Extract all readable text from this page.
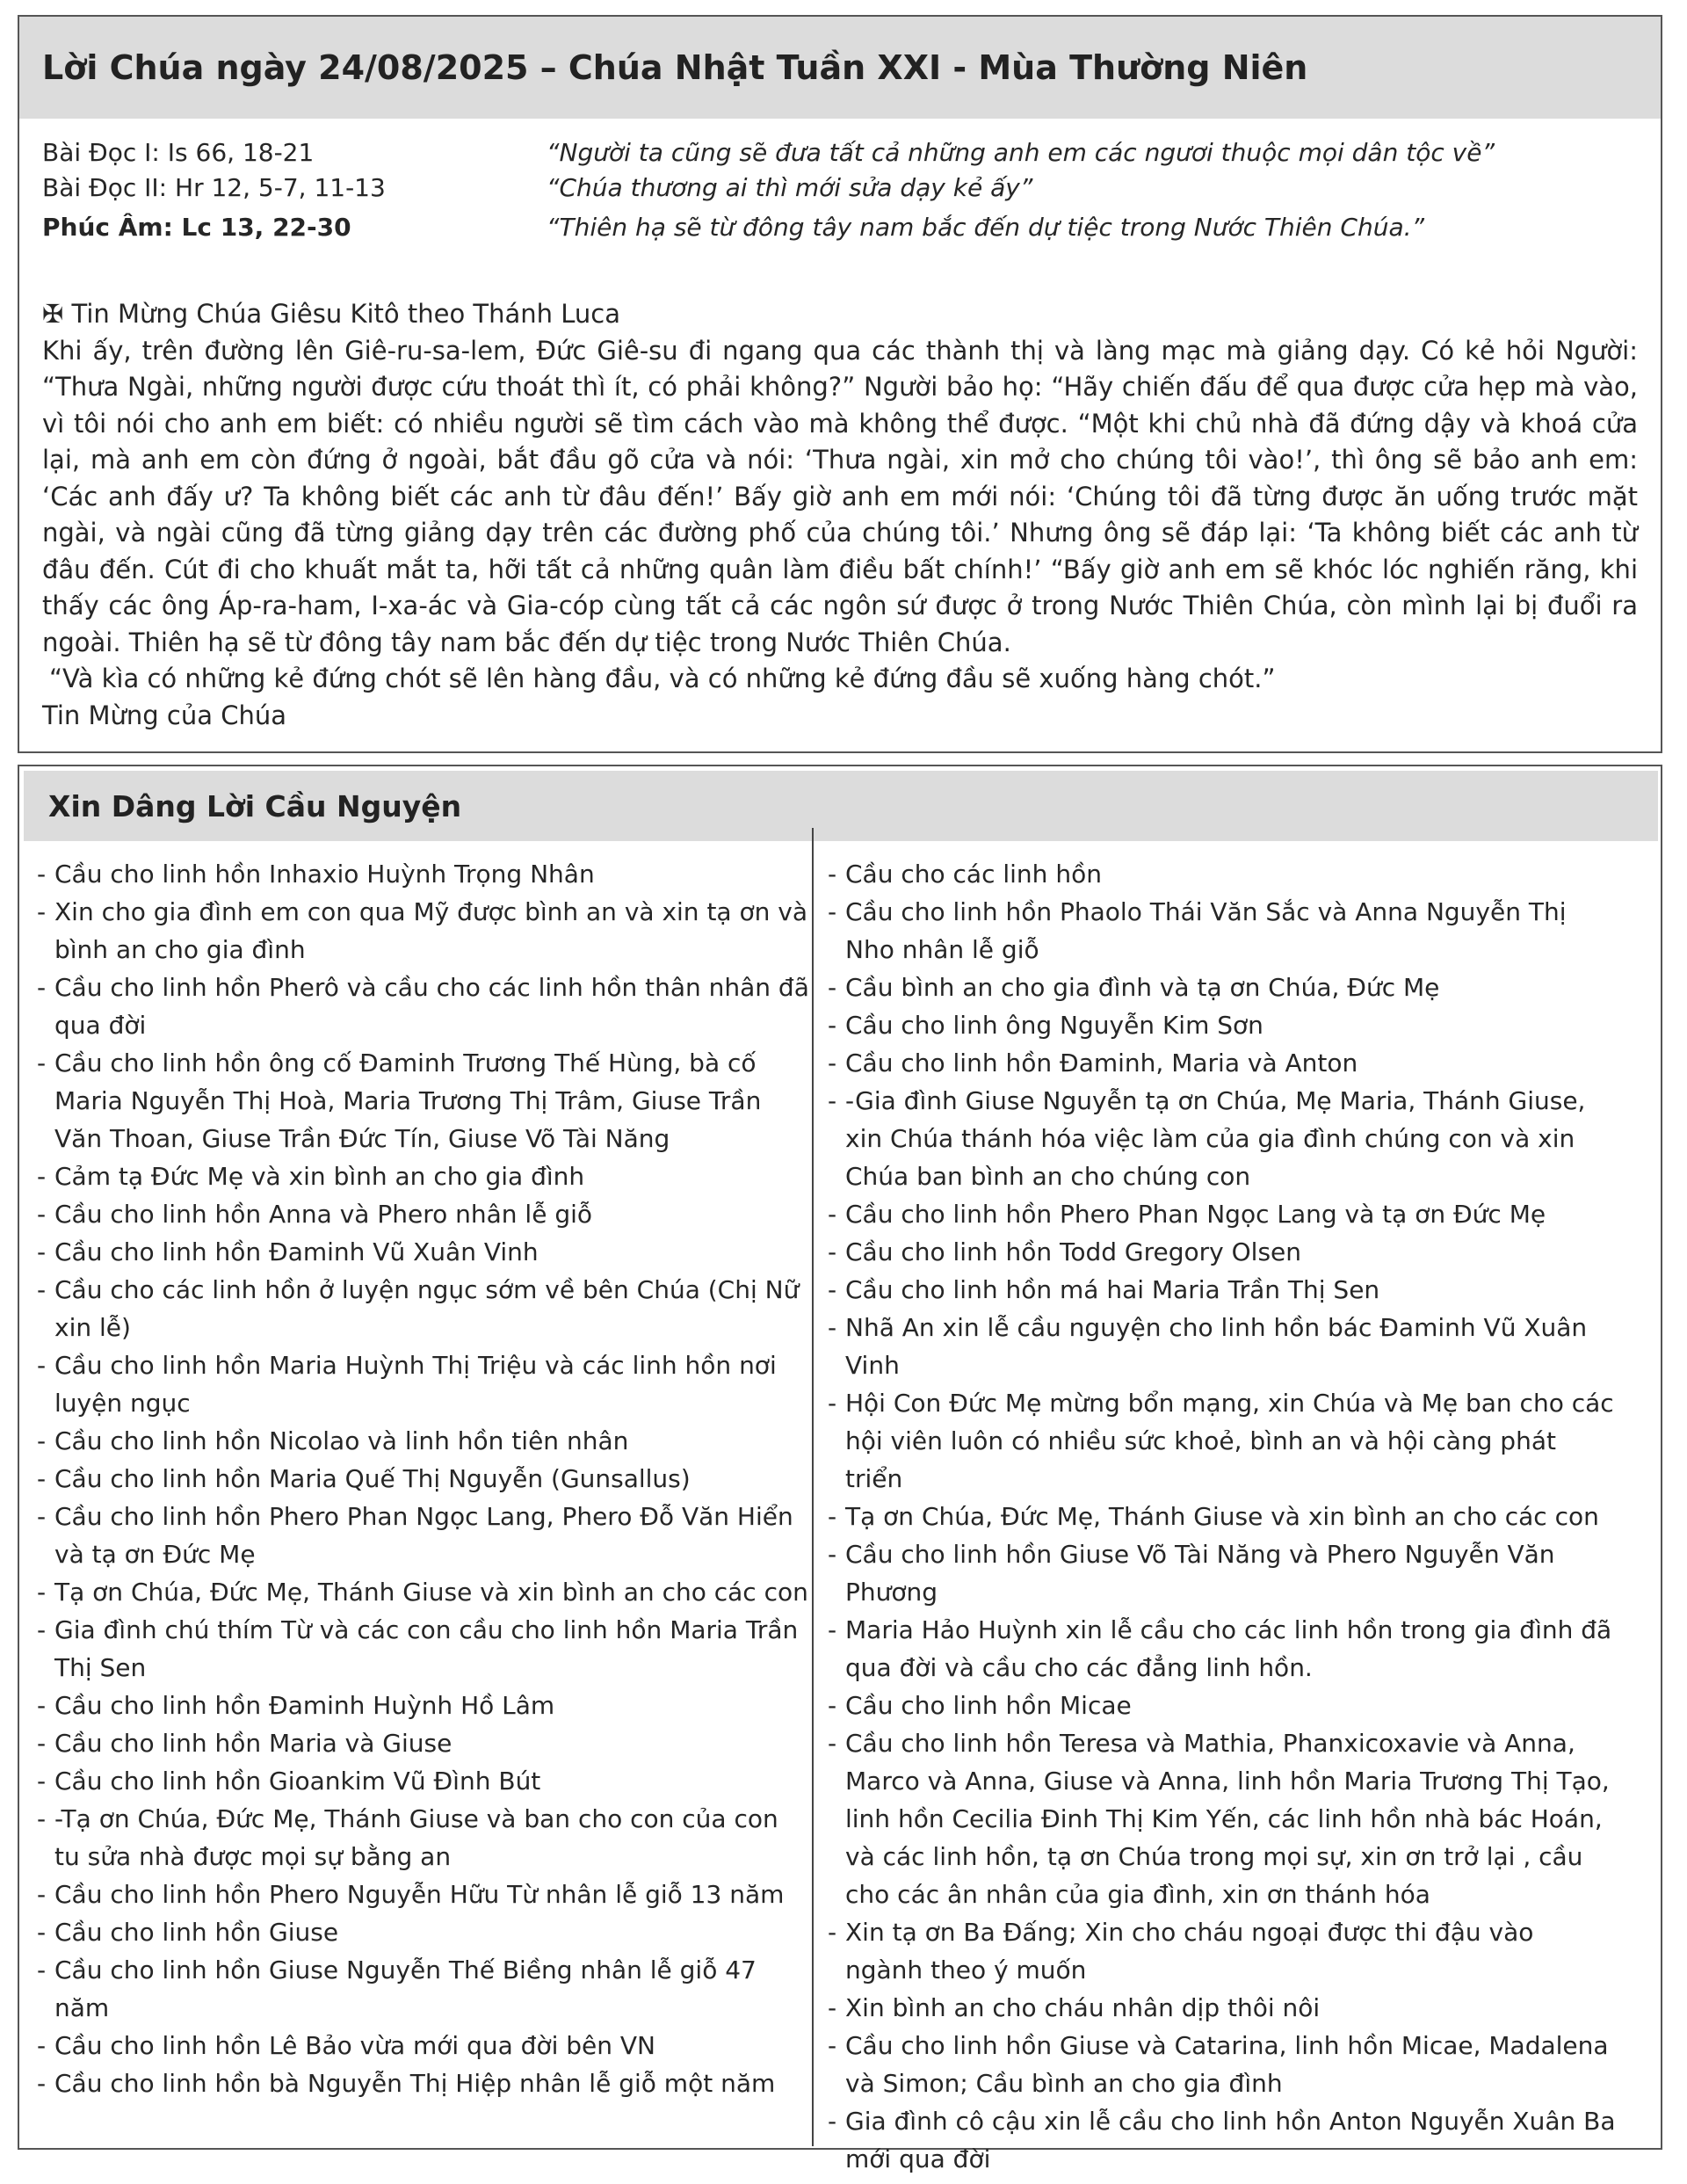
Lời Chúa ngày 24/08/2025 – Chúa Nhật Tuần XXI - Mùa Thường Niên
Bài Đọc I: Is 66, 18-21	“Người ta cũng sẽ đưa tất cả những anh em các ngươi thuộc mọi dân tộc về”
Bài Đọc II: Hr 12, 5-7, 11-13	“Chúa thương ai thì mới sửa dạy kẻ ấy”
Phúc Âm: Lc 13, 22-30	“Thiên hạ sẽ từ đông tây nam bắc đến dự tiệc trong Nước Thiên Chúa.”

✠ Tin Mừng Chúa Giêsu Kitô theo Thánh Luca

Khi ấy, trên đường lên Giê-ru-sa-lem, Đức Giê-su đi ngang qua các thành thị và làng mạc mà giảng dạy. Có kẻ hỏi Người: “Thưa Ngài, những người được cứu thoát thì ít, có phải không?” Người bảo họ: “Hãy chiến đấu để qua được cửa hẹp mà vào, vì tôi nói cho anh em biết: có nhiều người sẽ tìm cách vào mà không thể được. “Một khi chủ nhà đã đứng dậy và khoá cửa lại, mà anh em còn đứng ở ngoài, bắt đầu gõ cửa và nói: ‘Thưa ngài, xin mở cho chúng tôi vào!’, thì ông sẽ bảo anh em: ‘Các anh đấy ư? Ta không biết các anh từ đâu đến!’ Bấy giờ anh em mới nói: ‘Chúng tôi đã từng được ăn uống trước mặt ngài, và ngài cũng đã từng giảng dạy trên các đường phố của chúng tôi.’ Nhưng ông sẽ đáp lại: ‘Ta không biết các anh từ đâu đến. Cút đi cho khuất mắt ta, hỡi tất cả những quân làm điều bất chính!’ “Bấy giờ anh em sẽ khóc lóc nghiến răng, khi thấy các ông Áp-ra-ham, I-xa-ác và Gia-cóp cùng tất cả các ngôn sứ được ở trong Nước Thiên Chúa, còn mình lại bị đuổi ra ngoài. Thiên hạ sẽ từ đông tây nam bắc đến dự tiệc trong Nước Thiên Chúa.

“Và kìa có những kẻ đứng chót sẽ lên hàng đầu, và có những kẻ đứng đầu sẽ xuống hàng chót.”

Tin Mừng của Chúa

Xin Dâng Lời Cầu Nguyện
- Cầu cho linh hồn Inhaxio Huỳnh Trọng Nhân
- Xin cho gia đình em con qua Mỹ được bình an và xin tạ ơn và bình an cho gia đình
- Cầu cho linh hồn Pherô và cầu cho các linh hồn thân nhân đã qua đời
- Cầu cho linh hồn ông cố Đaminh Trương Thế Hùng, bà cố Maria Nguyễn Thị Hoà, Maria Trương Thị Trâm, Giuse Trần Văn Thoan, Giuse Trần Đức Tín, Giuse Võ Tài Năng
- Cảm tạ Đức Mẹ và xin bình an cho gia đình
- Cầu cho linh hồn Anna và Phero nhân lễ giỗ
- Cầu cho linh hồn Đaminh Vũ Xuân Vinh
- Cầu cho các linh hồn ở luyện ngục sớm về bên Chúa (Chị Nữ xin lễ)
- Cầu cho linh hồn Maria Huỳnh Thị Triệu và các linh hồn nơi luyện ngục
- Cầu cho linh hồn Nicolao và linh hồn tiên nhân
- Cầu cho linh hồn Maria Quế Thị Nguyễn (Gunsallus)
- Cầu cho linh hồn Phero Phan Ngọc Lang, Phero Đỗ Văn Hiển và tạ ơn Đức Mẹ
- Tạ ơn Chúa, Đức Mẹ, Thánh Giuse và xin bình an cho các con
- Gia đình chú thím Từ và các con cầu cho linh hồn Maria Trần Thị Sen
- Cầu cho linh hồn Đaminh Huỳnh Hồ Lâm
- Cầu cho linh hồn Maria và Giuse
- Cầu cho linh hồn Gioankim Vũ Đình Bút
- -Tạ ơn Chúa, Đức Mẹ, Thánh Giuse và ban cho con của con tu sửa nhà được mọi sự bằng an
- Cầu cho linh hồn Phero Nguyễn Hữu Từ nhân lễ giỗ 13 năm
- Cầu cho linh hồn Giuse
- Cầu cho linh hồn Giuse Nguyễn Thế Biềng nhân lễ giỗ 47 năm
- Cầu cho linh hồn Lê Bảo vừa mới qua đời bên VN
- Cầu cho linh hồn bà Nguyễn Thị Hiệp nhân lễ giỗ một năm
- Cầu cho các linh hồn
- Cầu cho linh hồn Phaolo Thái Văn Sắc và Anna Nguyễn Thị Nho nhân lễ giỗ
- Cầu bình an cho gia đình và tạ ơn Chúa, Đức Mẹ
- Cầu cho linh ông Nguyễn Kim Sơn
- Cầu cho linh hồn Đaminh, Maria và Anton
- -Gia đình Giuse Nguyễn tạ ơn Chúa, Mẹ Maria, Thánh Giuse, xin Chúa thánh hóa việc làm của gia đình chúng con và xin Chúa ban bình an cho chúng con
- Cầu cho linh hồn Phero Phan Ngọc Lang và tạ ơn Đức Mẹ
- Cầu cho linh hồn Todd Gregory Olsen
- Cầu cho linh hồn má hai Maria Trần Thị Sen
- Nhã An xin lễ cầu nguyện cho linh hồn bác Đaminh Vũ Xuân Vinh
- Hội Con Đức Mẹ mừng bổn mạng, xin Chúa và Mẹ ban cho các hội viên luôn có nhiều sức khoẻ, bình an và hội càng phát triển
- Tạ ơn Chúa, Đức Mẹ, Thánh Giuse và xin bình an cho các con
- Cầu cho linh hồn Giuse Võ Tài Năng và Phero Nguyễn Văn Phương
- Maria Hảo Huỳnh xin lễ cầu cho các linh hồn trong gia đình đã qua đời và cầu cho các đẳng linh hồn.
- Cầu cho linh hồn Micae
- Cầu cho linh hồn Teresa và Mathia, Phanxicoxavie và Anna, Marco và Anna, Giuse và Anna, linh hồn Maria Trương Thị Tạo, linh hồn Cecilia Đinh Thị Kim Yến, các linh hồn nhà bác Hoán, và các linh hồn, tạ ơn Chúa trong mọi sự, xin ơn trở lại , cầu cho các ân nhân của gia đình, xin ơn thánh hóa
- Xin tạ ơn Ba Đấng; Xin cho cháu ngoại được thi đậu vào ngành theo ý muốn
- Xin bình an cho cháu nhân dịp thôi nôi
- Cầu cho linh hồn Giuse và Catarina, linh hồn Micae, Madalena và Simon; Cầu bình an cho gia đình
- Gia đình cô cậu xin lễ cầu cho linh hồn Anton Nguyễn Xuân Ba mới qua đời
